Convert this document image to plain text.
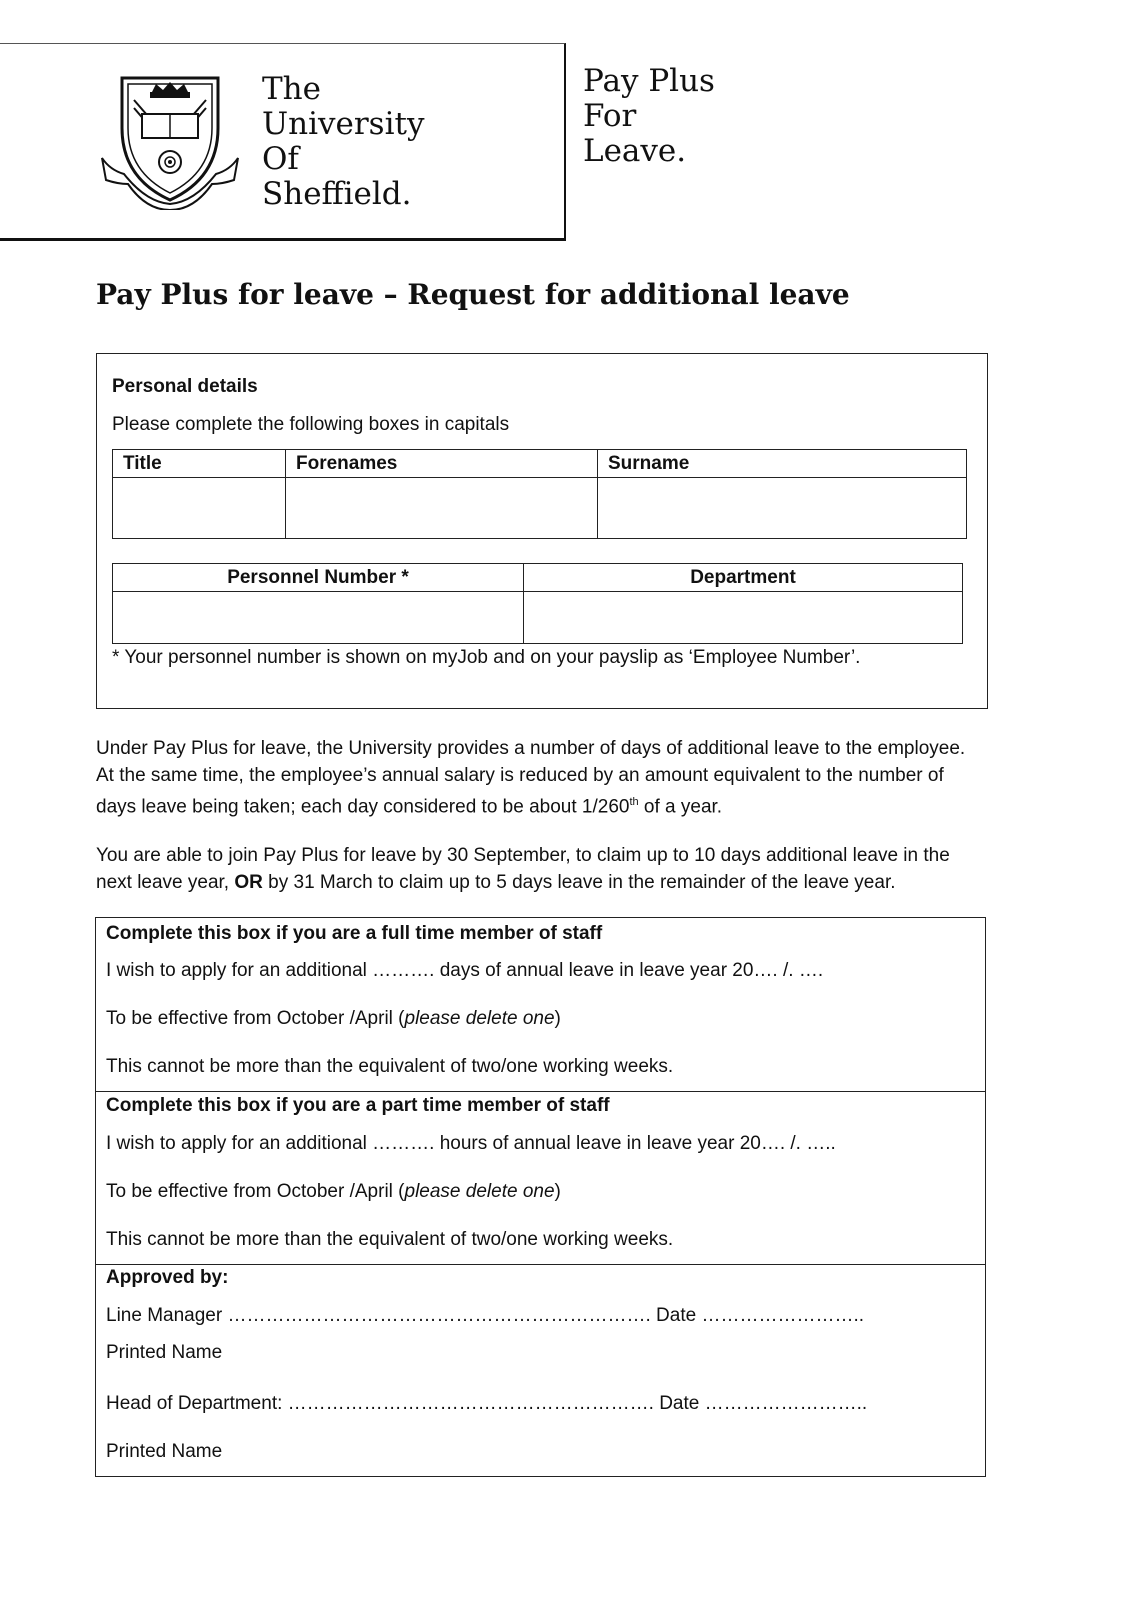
The
University
Of
Sheffield.
Pay Plus
For
Leave.
Pay Plus for leave – Request for additional leave
Personal details
Please complete the following boxes in capitals
Title	Forenames	Surname

Personnel Number *	Department

* Your personnel number is shown on myJob and on your payslip as ‘Employee Number’.
Under Pay Plus for leave, the University provides a number of days of additional leave to the employee.
At the same time, the employee’s annual salary is reduced by an amount equivalent to the number of
days leave being taken; each day considered to be about 1/260th of a year.
You are able to join Pay Plus for leave by 30 September, to claim up to 10 days additional leave in the
next leave year, OR by 31 March to claim up to 5 days leave in the remainder of the leave year.
Complete this box if you are a full time member of staff
I wish to apply for an additional ………. days of annual leave in leave year 20…. /. ….
To be effective from October /April (please delete one)
This cannot be more than the equivalent of two/one working weeks.
Complete this box if you are a part time member of staff
I wish to apply for an additional ………. hours of annual leave in leave year 20…. /. …..
To be effective from October /April (please delete one)
This cannot be more than the equivalent of two/one working weeks.
Approved by:
Line Manager …………………………………………………………. Date ……………………..
Printed Name
Head of Department: …………………………………………………. Date ……………………..
Printed Name
